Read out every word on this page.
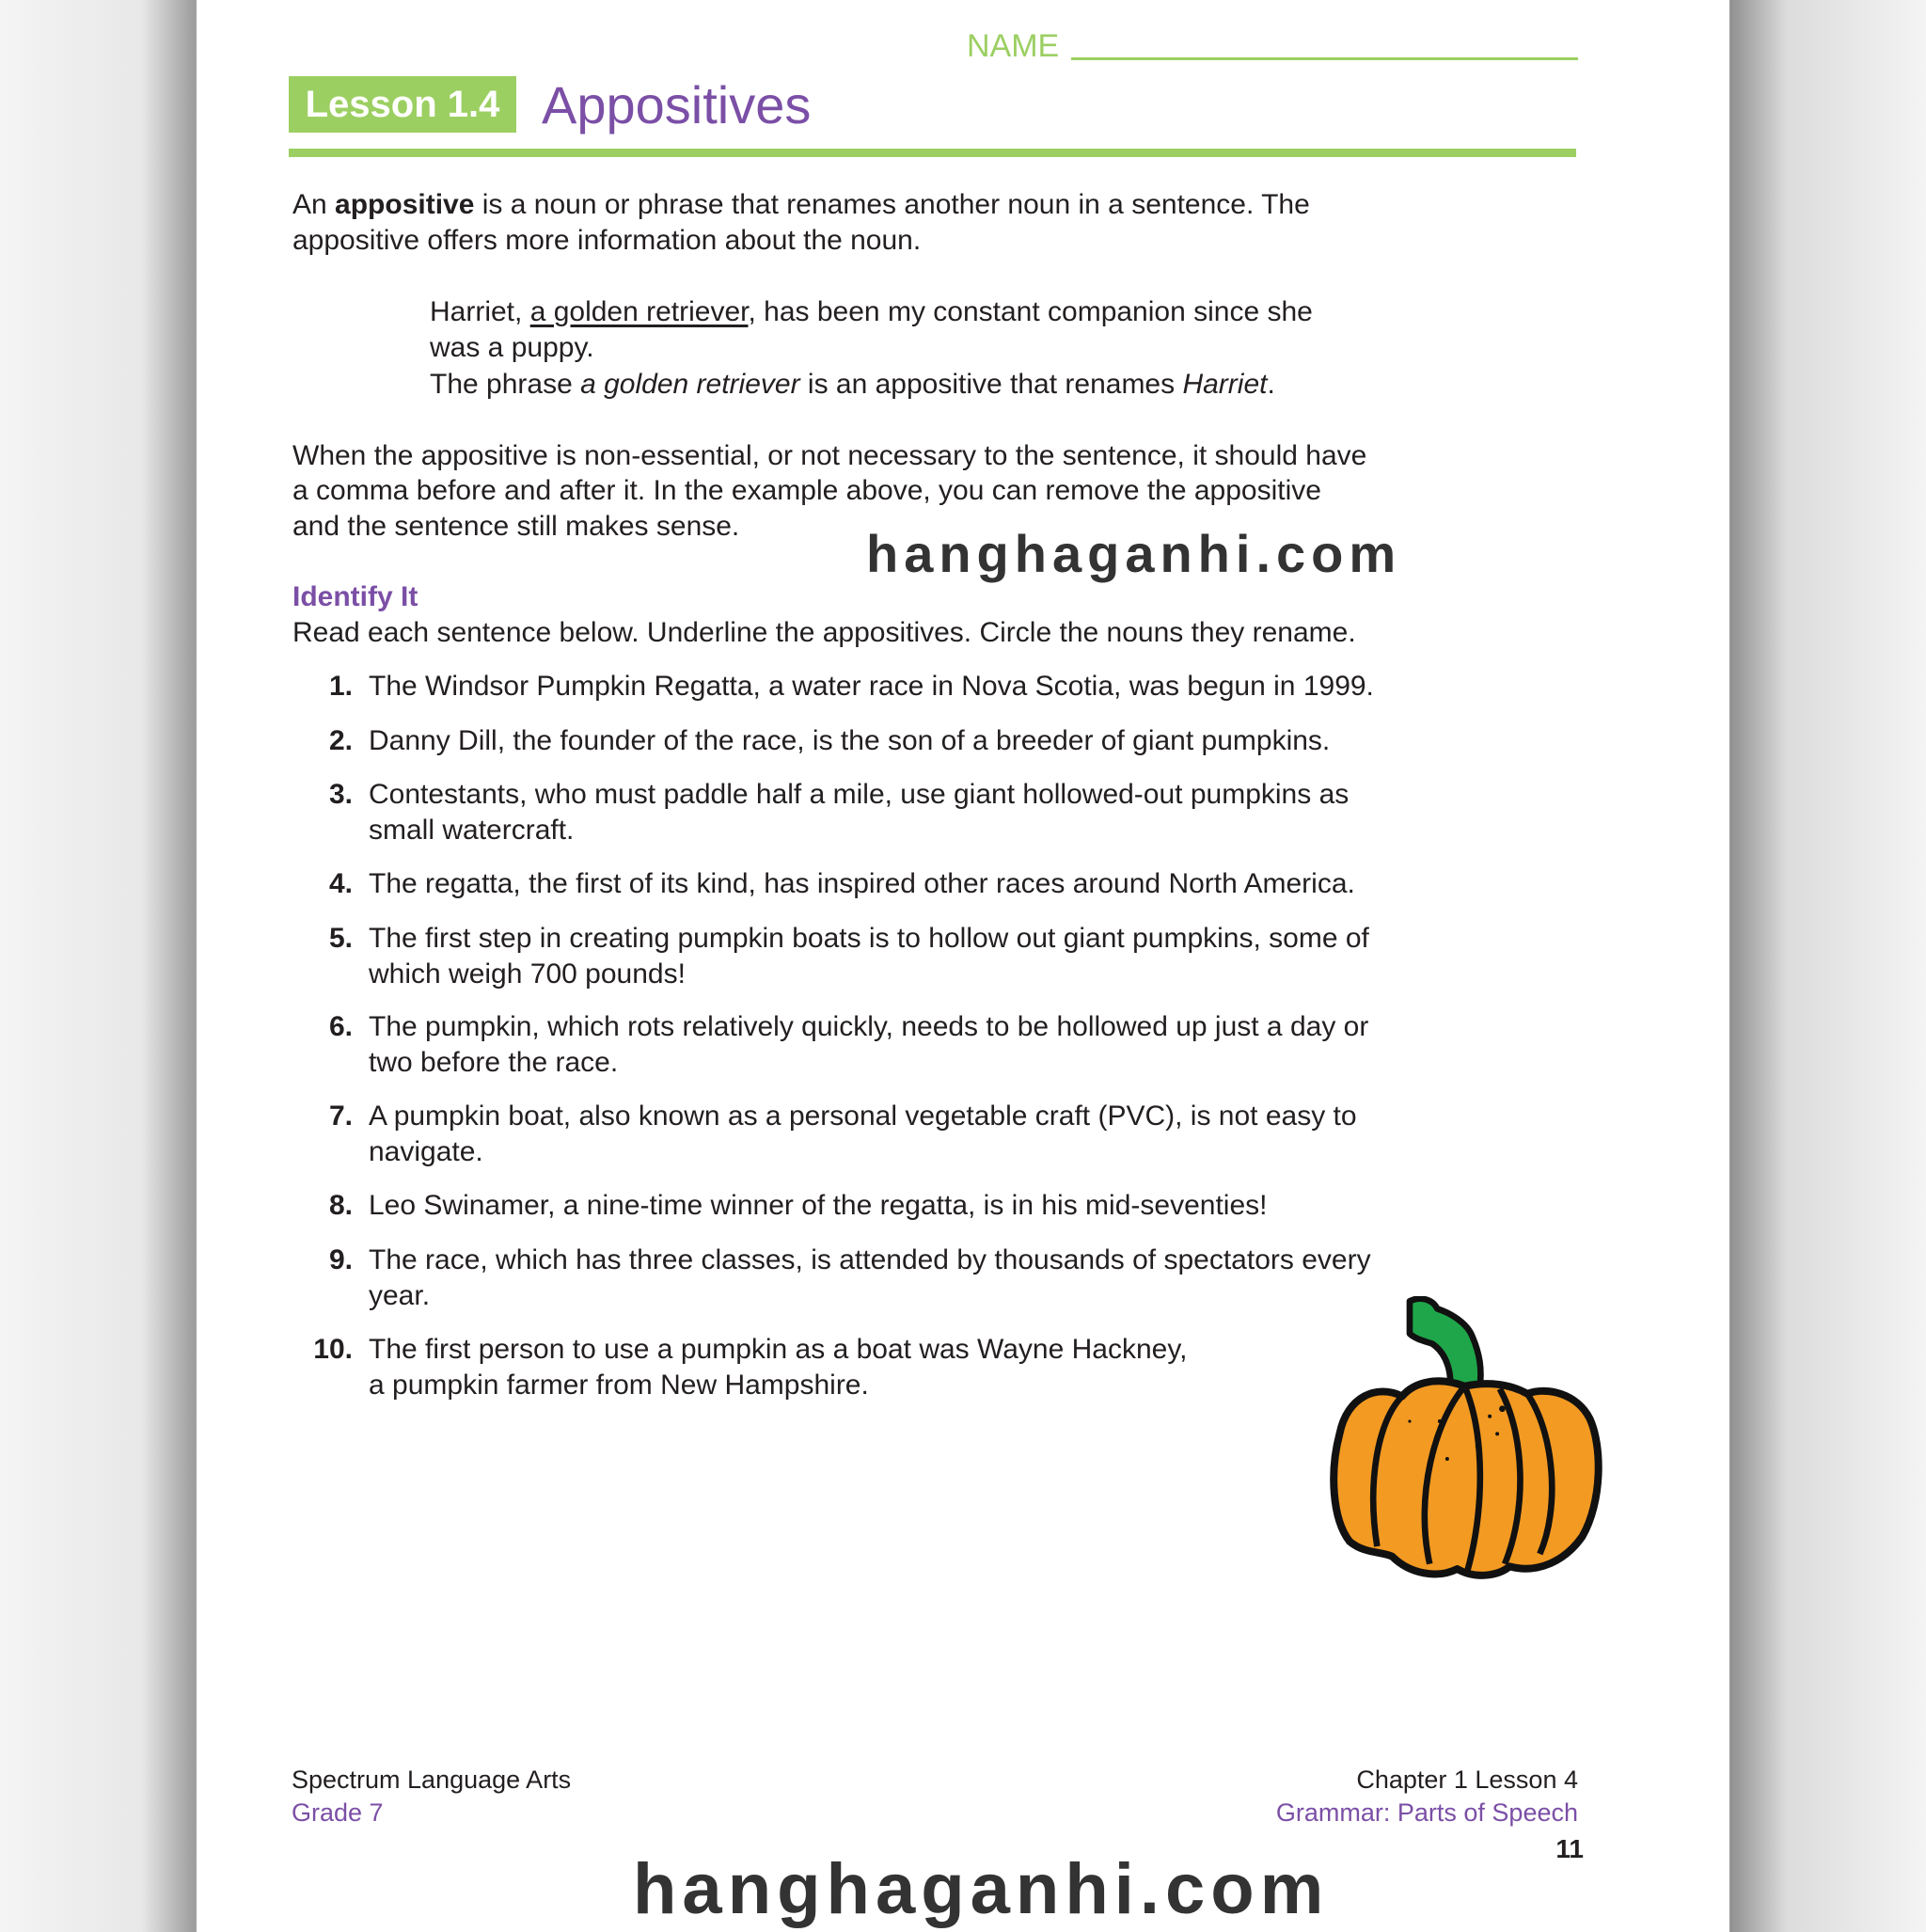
NAME
Lesson 1.4 Appositives
An appositive is a noun or phrase that renames another noun in a sentence. The
appositive offers more information about the noun.
Harriet, a golden retriever, has been my constant companion since she
was a puppy.
The phrase a golden retriever is an appositive that renames Harriet.
When the appositive is non-essential, or not necessary to the sentence, it should have
a comma before and after it. In the example above, you can remove the appositive
and the sentence still makes sense. hanghaganhi.com
Identify It
Read each sentence below. Underline the appositives. Circle the nouns they rename.
1. The Windsor Pumpkin Regatta, a water race in Nova Scotia, was begun in 1999.
2. Danny Dill, the founder of the race, is the son of a breeder of giant pumpkins.
3. Contestants, who must paddle half a mile, use giant hollowed-out pumpkins as
small watercraft.
4. The regatta, the first of its kind, has inspired other races around North America.
5. The first step in creating pumpkin boats is to hollow out giant pumpkins, some of
which weigh 700 pounds!
6. The pumpkin, which rots relatively quickly, needs to be hollowed up just a day or
two before the race.
7. A pumpkin boat, also known as a personal vegetable craft (PVC), is not easy to
navigate.
8. Leo Swinamer, a nine-time winner of the regatta, is in his mid-seventies!
9. The race, which has three classes, is attended by thousands of spectators every
year.
10. The first person to use a pumpkin as a boat was Wayne Hackney,
a pumpkin farmer from New Hampshire.
Spectrum Language Arts
Grade 7
Chapter 1 Lesson 4
Grammar: Parts of Speech
11
hanghaganhi.com
